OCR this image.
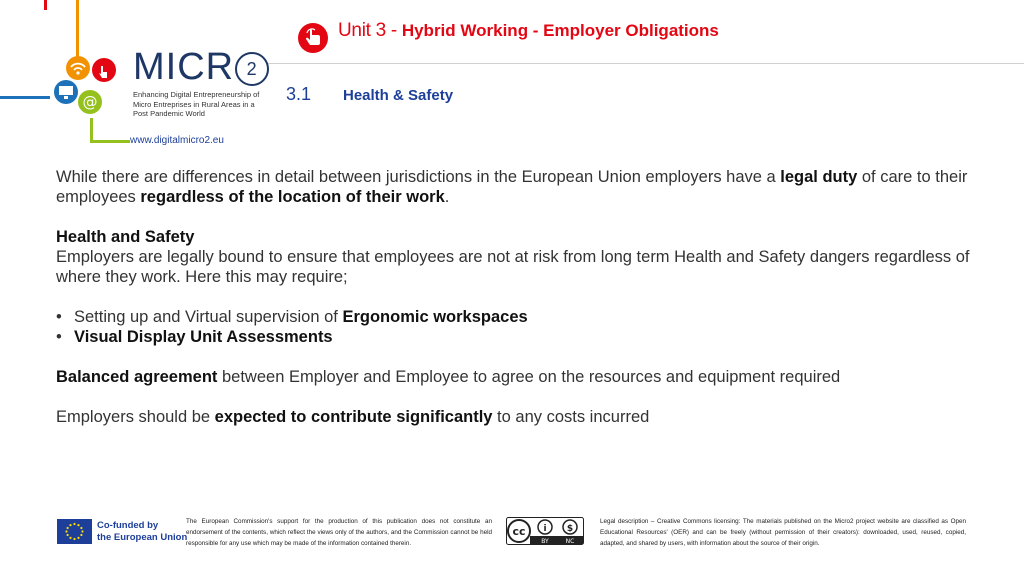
Unit 3 - Hybrid Working - Employer Obligations
3.1 Health & Safety
@
MICR 2
Enhancing Digital Entrepreneurship of
Micro Entreprises in Rural Areas in a
Post Pandemic World
www.digitalmicro2.eu

While there are differences in detail between jurisdictions in the European Union employers have a legal duty of care to their employees regardless of the location of their work.

Health and Safety

Employers are legally bound to ensure that employees are not at risk from long term Health and Safety dangers regardless of where they work. Here this may require;

• Setting up and Virtual supervision of Ergonomic workspaces
• Visual Display Unit Assessments

Balanced agreement between Employer and Employee to agree on the resources and equipment required

Employers should be expected to contribute significantly to any costs incurred

Co-funded by
the European Union
The European Commission's support for the production of this publication does not constitute an endorsement of the contents, which reflect the views only of the authors, and the Commission cannot be held responsible for any use which may be made of the information contained therein.
cc i $
BY	NC
Legal description – Creative Commons licensing: The materials published on the Micro2 project website are classified as Open Educational Resources' (OER) and can be freely (without permission of their creators): downloaded, used, reused, copied, adapted, and shared by users, with information about the source of their origin.
